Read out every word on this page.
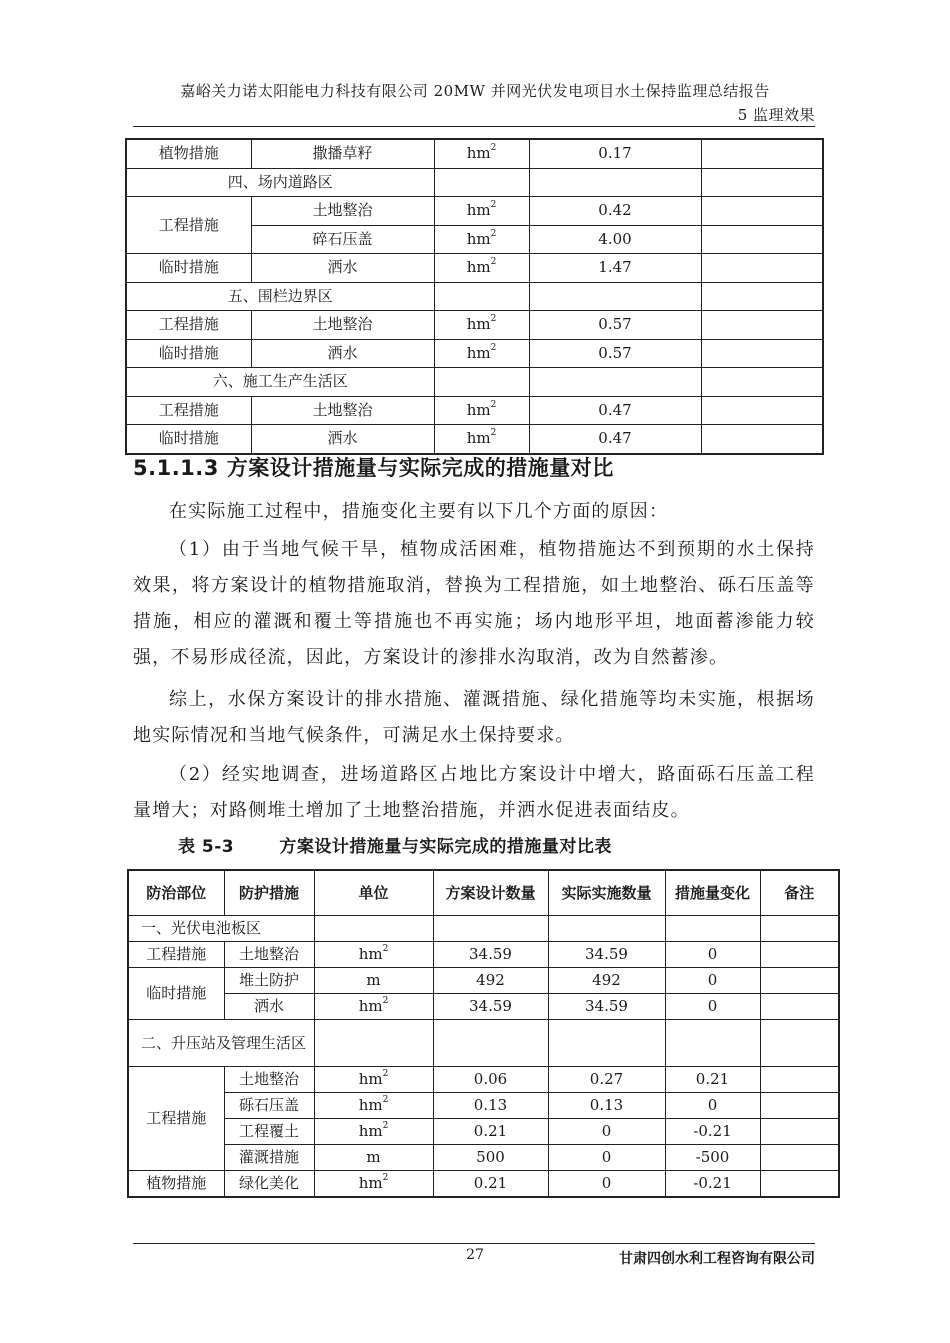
嘉峪关力诺太阳能电力科技有限公司 20MW 并网光伏发电项目水土保持监理总结报告
5 监理效果
植物措施	撒播草籽	$hm^2$	0.17	
四、场内道路区				
工程措施	土地整治	$hm^2$	0.42	
	碎石压盖	$hm^2$	4.00	
临时措施	洒水	$hm^2$	1.47	
五、围栏边界区				
工程措施	土地整治	$hm^2$	0.57	
临时措施	洒水	$hm^2$	0.57	
六、施工生产生活区				
工程措施	土地整治	$hm^2$	0.47	
临时措施	洒水	$hm^2$	0.47	
5.1.1.3 方案设计措施量与实际完成的措施量对比

在实际施工过程中，措施变化主要有以下几个方面的原因：

（1）由于当地气候干旱，植物成活困难，植物措施达不到预期的水土保持效果，将方案设计的植物措施取消，替换为工程措施，如土地整治、砾石压盖等措施，相应的灌溉和覆土等措施也不再实施；场内地形平坦，地面蓄渗能力较强，不易形成径流，因此，方案设计的渗排水沟取消，改为自然蓄渗。

综上，水保方案设计的排水措施、灌溉措施、绿化措施等均未实施，根据场地实际情况和当地气候条件，可满足水土保持要求。

（2）经实地调查，进场道路区占地比方案设计中增大，路面砾石压盖工程量增大；对路侧堆土增加了土地整治措施，并洒水促进表面结皮。

表 5-3	方案设计措施量与实际完成的措施量对比表
防治部位	防护措施	单位	方案设计数量	实际实施数量	措施量变化	备注
一、光伏电池板区						
工程措施	土地整治	$hm^2$	34.59	34.59	0	
临时措施	堆土防护	m	492	492	0	
	洒水	$hm^2$	34.59	34.59	0	
二、升压站及管理生活区						
工程措施	土地整治	$hm^2$	0.06	0.27	0.21	
	砾石压盖	$hm^2$	0.13	0.13	0	
	工程覆土	$hm^2$	0.21	0	-0.21	
	灌溉措施	m	500	0	-500	
植物措施	绿化美化	$hm^2$	0.21	0	-0.21	
27	甘肃四创水利工程咨询有限公司
